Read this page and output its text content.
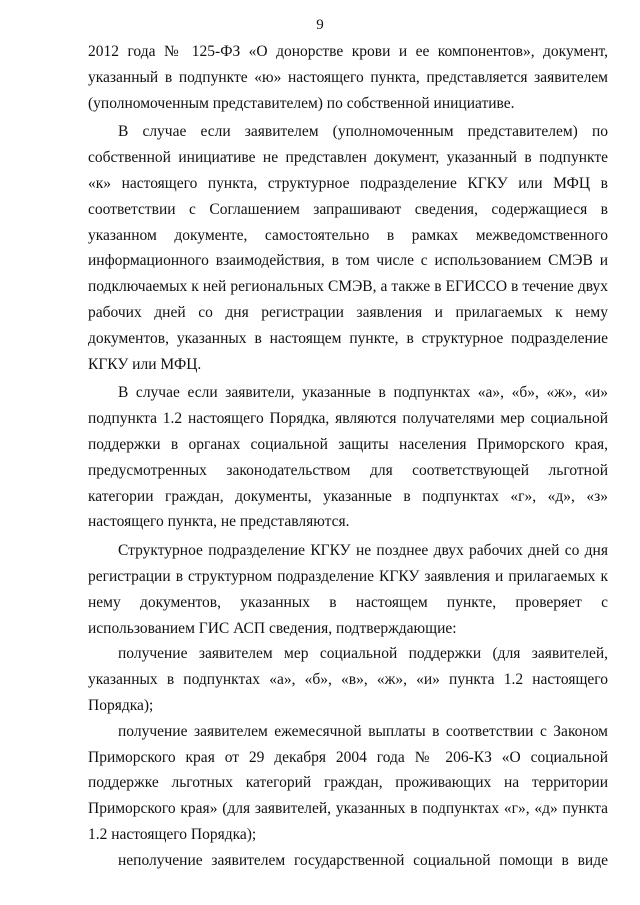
9

2012 года № 125-ФЗ «О донорстве крови и ее компонентов», документ, указанный в подпункте «ю» настоящего пункта, представляется заявителем (уполномоченным представителем) по собственной инициативе.

В случае если заявителем (уполномоченным представителем) по собственной инициативе не представлен документ, указанный в подпункте «к» настоящего пункта, структурное подразделение КГКУ или МФЦ в соответствии с Соглашением запрашивают сведения, содержащиеся в указанном документе, самостоятельно в рамках межведомственного информационного взаимодействия, в том числе с использованием СМЭВ и подключаемых к ней региональных СМЭВ, а также в ЕГИССО в течение двух рабочих дней со дня регистрации заявления и прилагаемых к нему документов, указанных в настоящем пункте, в структурное подразделение КГКУ или МФЦ.

В случае если заявители, указанные в подпунктах «а», «б», «ж», «и» подпункта 1.2 настоящего Порядка, являются получателями мер социальной поддержки в органах социальной защиты населения Приморского края, предусмотренных законодательством для соответствующей льготной категории граждан, документы, указанные в подпунктах «г», «д», «з» настоящего пункта, не представляются.

Структурное подразделение КГКУ не позднее двух рабочих дней со дня регистрации в структурном подразделение КГКУ заявления и прилагаемых к нему документов, указанных в настоящем пункте, проверяет с использованием ГИС АСП сведения, подтверждающие:

получение заявителем мер социальной поддержки (для заявителей, указанных в подпунктах «а», «б», «в», «ж», «и» пункта 1.2 настоящего Порядка);

получение заявителем ежемесячной выплаты в соответствии с Законом Приморского края от 29 декабря 2004 года № 206-КЗ «О социальной поддержке льготных категорий граждан, проживающих на территории Приморского края» (для заявителей, указанных в подпунктах «г», «д» пункта 1.2 настоящего Порядка);

неполучение заявителем государственной социальной помощи в виде
